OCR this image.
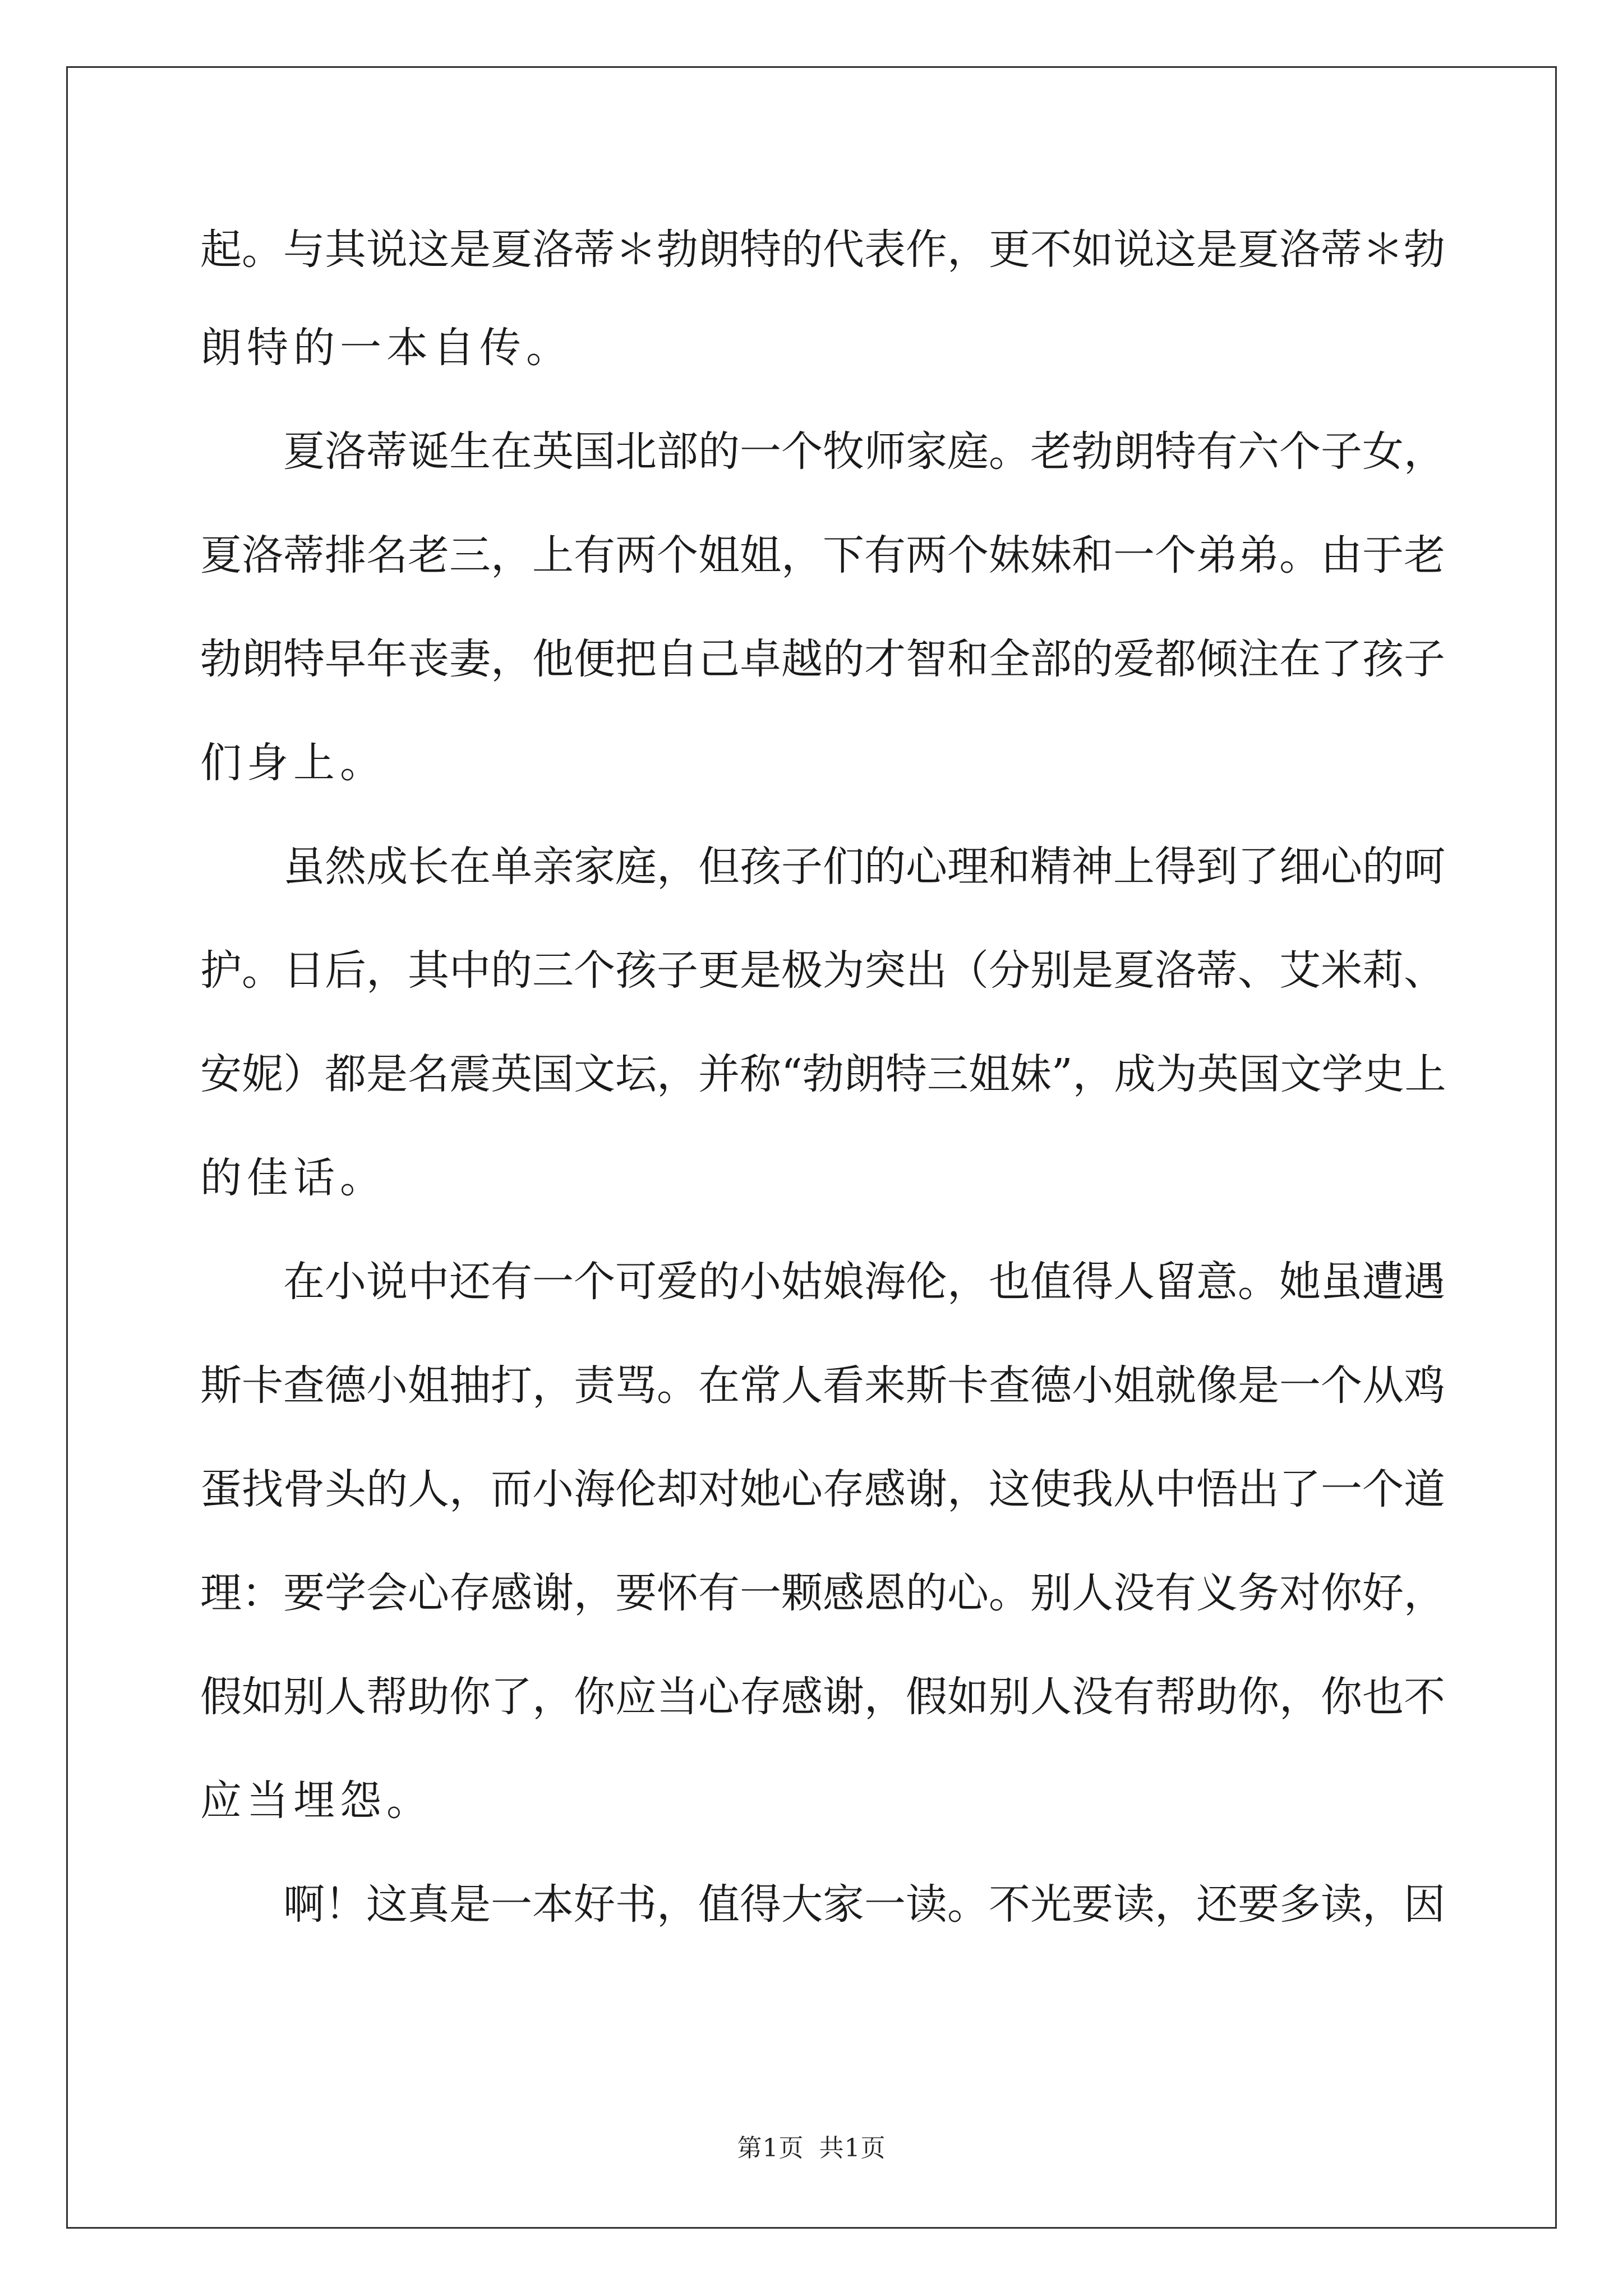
起。与其说这是夏洛蒂＊勃朗特的代表作，更不如说这是夏洛蒂＊勃
朗特的一本自传。
夏洛蒂诞生在英国北部的一个牧师家庭。老勃朗特有六个子女，
夏洛蒂排名老三，上有两个姐姐，下有两个妹妹和一个弟弟。由于老
勃朗特早年丧妻，他便把自己卓越的才智和全部的爱都倾注在了孩子
们身上。
虽然成长在单亲家庭，但孩子们的心理和精神上得到了细心的呵
护。日后，其中的三个孩子更是极为突出（分别是夏洛蒂、艾米莉、
安妮）都是名震英国文坛，并称“勃朗特三姐妹”，成为英国文学史上
的佳话。
在小说中还有一个可爱的小姑娘海伦，也值得人留意。她虽遭遇
斯卡查德小姐抽打，责骂。在常人看来斯卡查德小姐就像是一个从鸡
蛋找骨头的人，而小海伦却对她心存感谢，这使我从中悟出了一个道
理：要学会心存感谢，要怀有一颗感恩的心。别人没有义务对你好，
假如别人帮助你了，你应当心存感谢，假如别人没有帮助你，你也不
应当埋怨。
啊！这真是一本好书，值得大家一读。不光要读，还要多读，因
第1页 共1页
